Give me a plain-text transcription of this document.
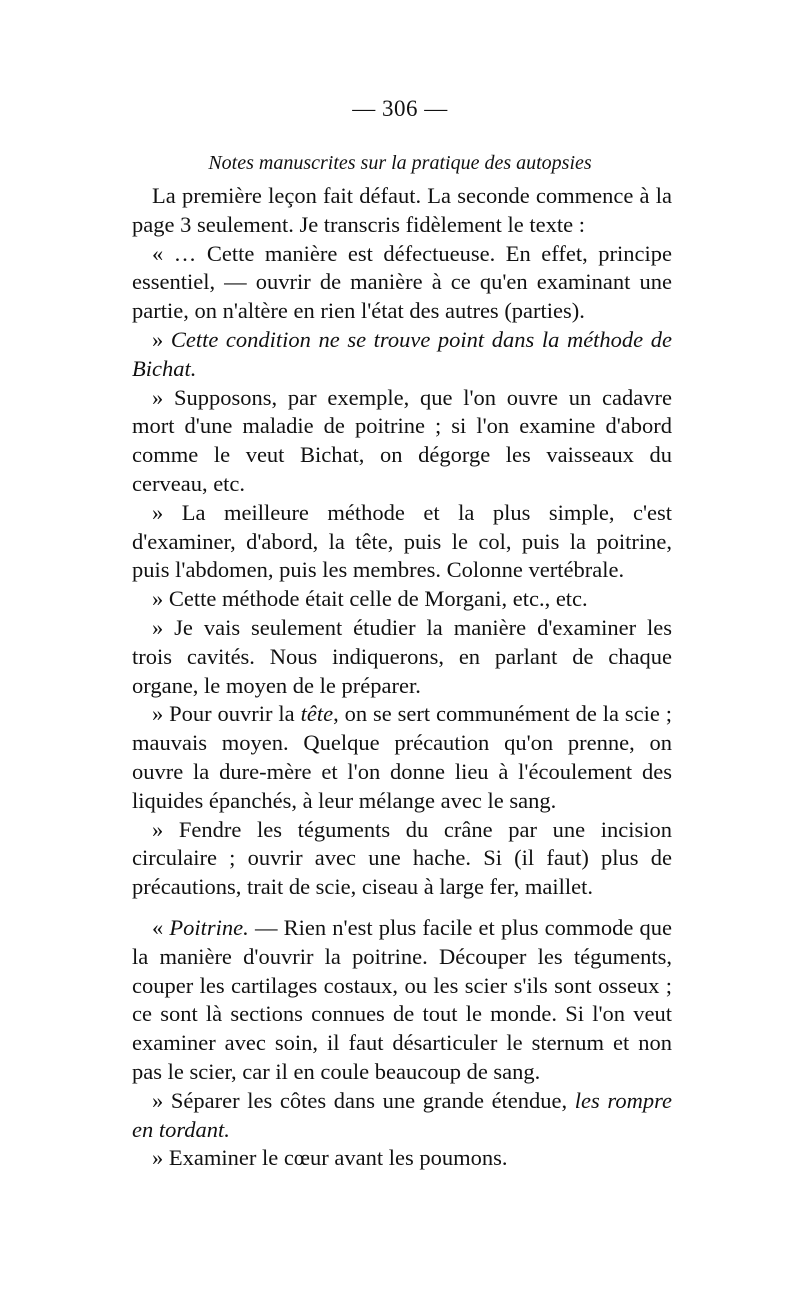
— 306 —
Notes manuscrites sur la pratique des autopsies

La première leçon fait défaut. La seconde commence à la page 3 seulement. Je transcris fidèlement le texte :

« … Cette manière est défectueuse. En effet, principe essentiel, — ouvrir de manière à ce qu'en examinant une partie, on n'altère en rien l'état des autres (parties).

» Cette condition ne se trouve point dans la méthode de Bichat.

» Supposons, par exemple, que l'on ouvre un cadavre mort d'une maladie de poitrine ; si l'on examine d'abord comme le veut Bichat, on dégorge les vaisseaux du cerveau, etc.

» La meilleure méthode et la plus simple, c'est d'examiner, d'abord, la tête, puis le col, puis la poitrine, puis l'abdomen, puis les membres. Colonne vertébrale.

» Cette méthode était celle de Morgani, etc., etc.

» Je vais seulement étudier la manière d'examiner les trois cavités. Nous indiquerons, en parlant de chaque organe, le moyen de le préparer.

» Pour ouvrir la tête, on se sert communément de la scie ; mauvais moyen. Quelque précaution qu'on prenne, on ouvre la dure-mère et l'on donne lieu à l'écoulement des liquides épanchés, à leur mélange avec le sang.

» Fendre les téguments du crâne par une incision circulaire ; ouvrir avec une hache. Si (il faut) plus de précautions, trait de scie, ciseau à large fer, maillet.

« Poitrine. — Rien n'est plus facile et plus commode que la manière d'ouvrir la poitrine. Découper les téguments, couper les cartilages costaux, ou les scier s'ils sont osseux ; ce sont là sections connues de tout le monde. Si l'on veut examiner avec soin, il faut désarticuler le sternum et non pas le scier, car il en coule beaucoup de sang.

» Séparer les côtes dans une grande étendue, les rompre en tordant.

» Examiner le cœur avant les poumons.
